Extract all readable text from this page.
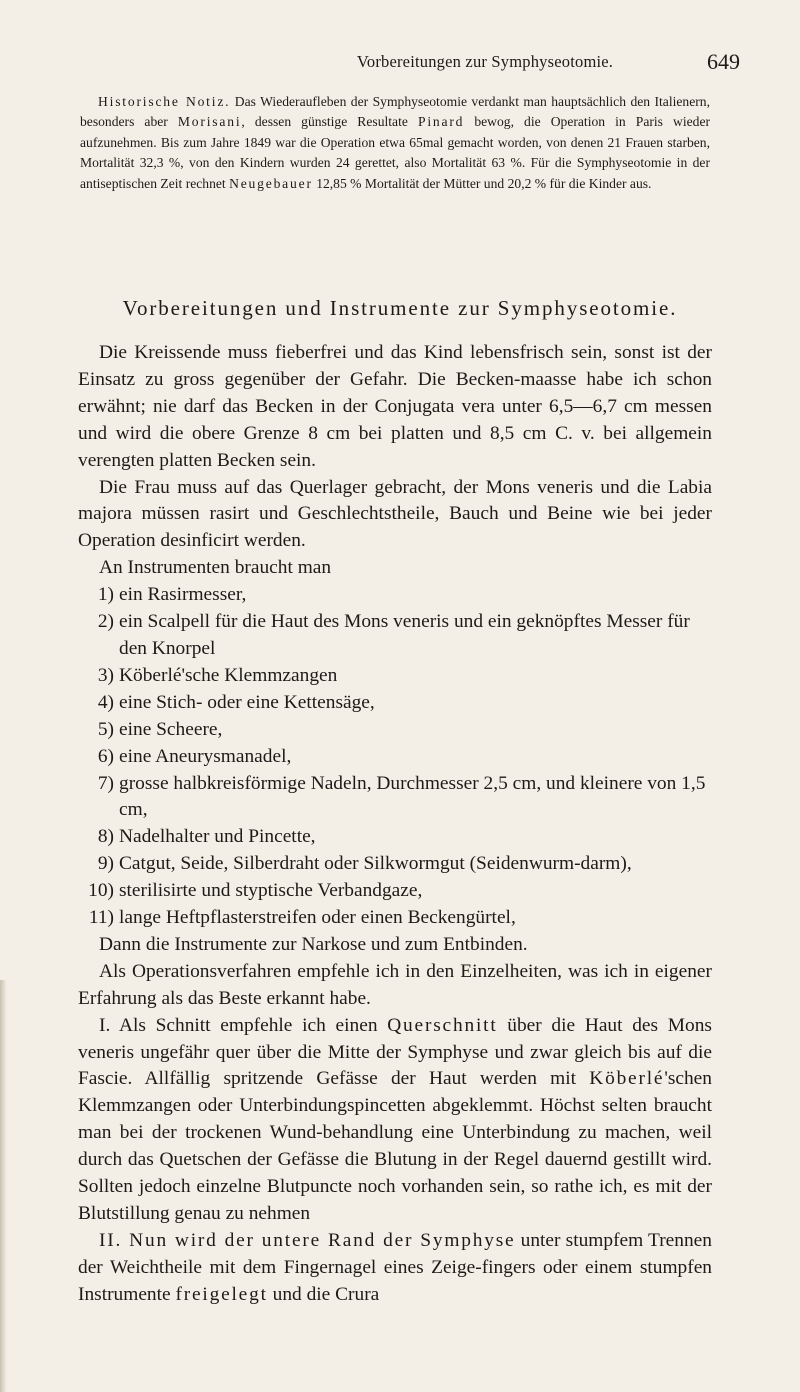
Vorbereitungen zur Symphyseotomie.	649
Historische Notiz. Das Wiederaufleben der Symphyseotomie verdankt man hauptsächlich den Italienern, besonders aber Morisani, dessen günstige Resultate Pinard bewog, die Operation in Paris wieder aufzunehmen. Bis zum Jahre 1849 war die Operation etwa 65mal gemacht worden, von denen 21 Frauen starben, Mortalität 32,3 %, von den Kindern wurden 24 gerettet, also Mortalität 63 %. Für die Symphyseotomie in der antiseptischen Zeit rechnet Neugebauer 12,85 % Mortalität der Mütter und 20,2 % für die Kinder aus.
Vorbereitungen und Instrumente zur Symphyseotomie.

Die Kreissende muss fieberfrei und das Kind lebensfrisch sein, sonst ist der Einsatz zu gross gegenüber der Gefahr. Die Becken-maasse habe ich schon erwähnt; nie darf das Becken in der Conjugata vera unter 6,5—6,7 cm messen und wird die obere Grenze 8 cm bei platten und 8,5 cm C. v. bei allgemein verengten platten Becken sein.

Die Frau muss auf das Querlager gebracht, der Mons veneris und die Labia majora müssen rasirt und Geschlechtstheile, Bauch und Beine wie bei jeder Operation desinficirt werden.

An Instrumenten braucht man

1) ein Rasirmesser,
2) ein Scalpell für die Haut des Mons veneris und ein geknöpftes Messer für den Knorpel
3) Köberlé'sche Klemmzangen
4) eine Stich- oder eine Kettensäge,
5) eine Scheere,
6) eine Aneurysmanadel,
7) grosse halbkreisförmige Nadeln, Durchmesser 2,5 cm, und kleinere von 1,5 cm,
8) Nadelhalter und Pincette,
9) Catgut, Seide, Silberdraht oder Silkwormgut (Seidenwurm-darm),
10) sterilisirte und styptische Verbandgaze,
11) lange Heftpflasterstreifen oder einen Beckengürtel,

Dann die Instrumente zur Narkose und zum Entbinden.

Als Operationsverfahren empfehle ich in den Einzelheiten, was ich in eigener Erfahrung als das Beste erkannt habe.

I. Als Schnitt empfehle ich einen Querschnitt über die Haut des Mons veneris ungefähr quer über die Mitte der Symphyse und zwar gleich bis auf die Fascie. Allfällig spritzende Gefässe der Haut werden mit Köberlé'schen Klemmzangen oder Unterbindungspincetten abgeklemmt. Höchst selten braucht man bei der trockenen Wund-behandlung eine Unterbindung zu machen, weil durch das Quetschen der Gefässe die Blutung in der Regel dauernd gestillt wird. Sollten jedoch einzelne Blutpuncte noch vorhanden sein, so rathe ich, es mit der Blutstillung genau zu nehmen

II. Nun wird der untere Rand der Symphyse unter stumpfem Trennen der Weichtheile mit dem Fingernagel eines Zeige-fingers oder einem stumpfen Instrumente freigelegt und die Crura
